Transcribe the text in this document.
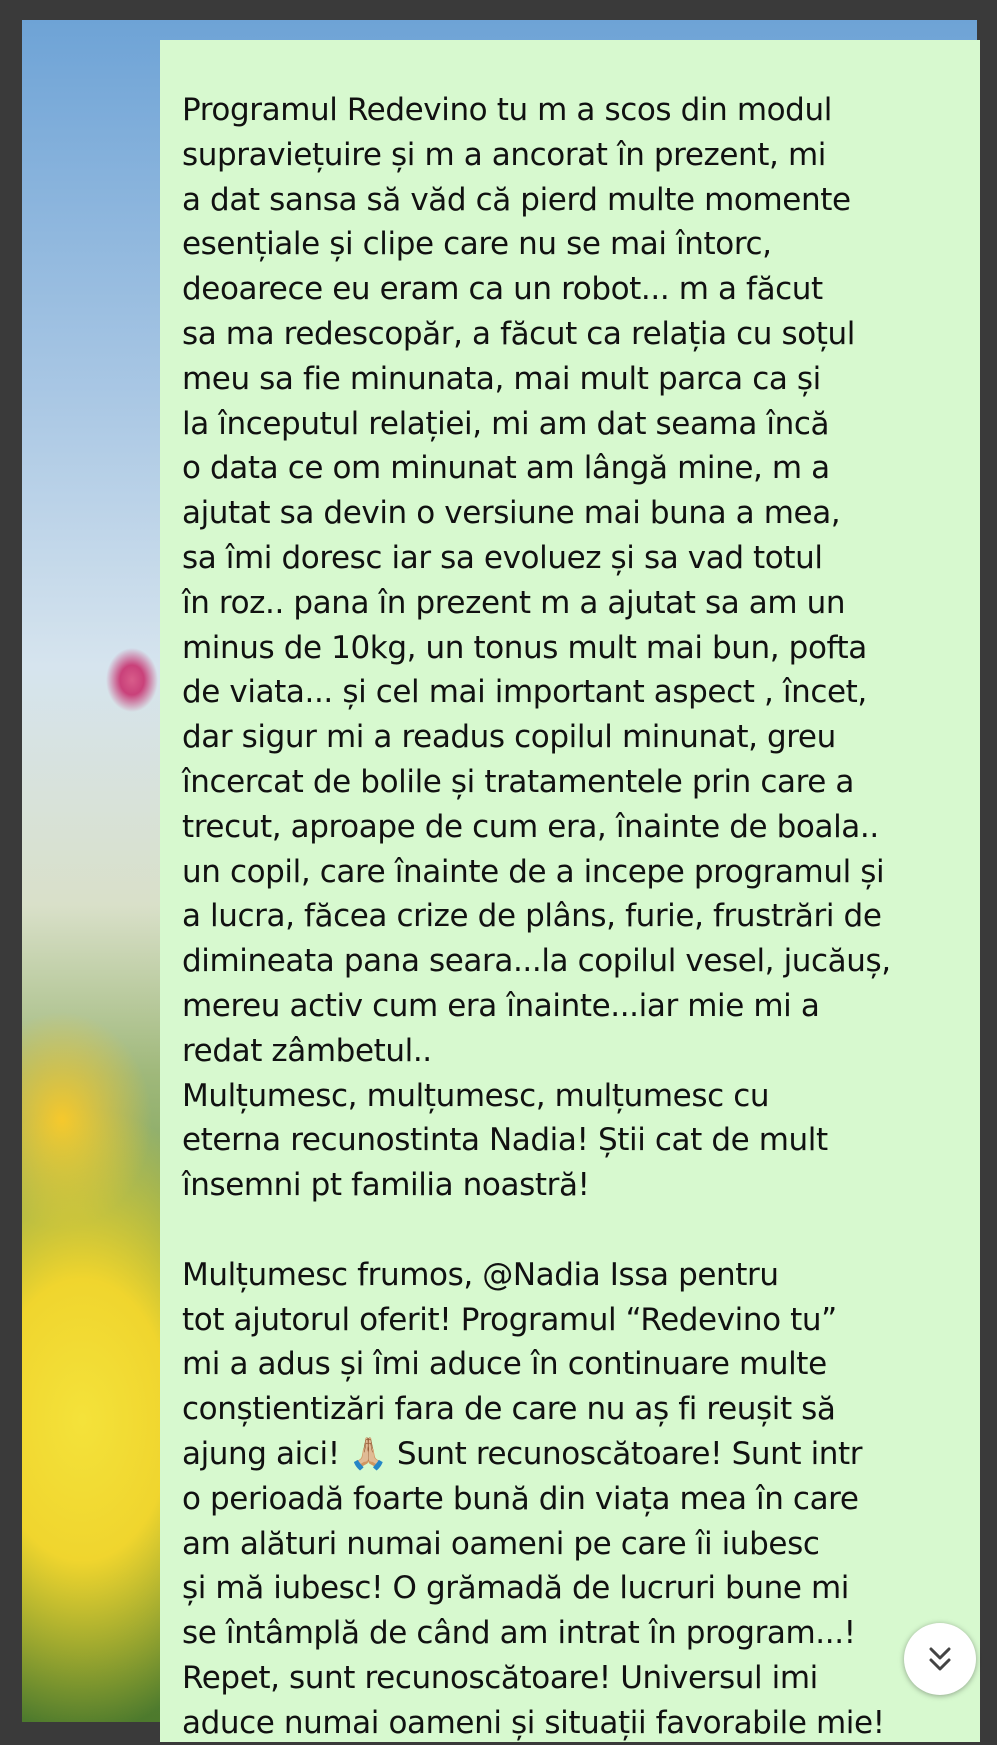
Programul Redevino tu m a scos din modul
supraviețuire și m a ancorat în prezent, mi
a dat sansa să văd că pierd multe momente
esențiale și clipe care nu se mai întorc,
deoarece eu eram ca un robot... m a făcut
sa ma redescopăr, a făcut ca relația cu soțul
meu sa fie minunata, mai mult parca ca și
la începutul relației, mi am dat seama încă
o data ce om minunat am lângă mine, m a
ajutat sa devin o versiune mai buna a mea,
sa îmi doresc iar sa evoluez și sa vad totul
în roz.. pana în prezent m a ajutat sa am un
minus de 10kg, un tonus mult mai bun, pofta
de viata... și cel mai important aspect , încet,
dar sigur mi a readus copilul minunat, greu
încercat de bolile și tratamentele prin care a
trecut, aproape de cum era, înainte de boala..
un copil, care înainte de a incepe programul și
a lucra, făcea crize de plâns, furie, frustrări de
dimineata pana seara...la copilul vesel, jucăuș,
mereu activ cum era înainte...iar mie mi a
redat zâmbetul..
Mulțumesc, mulțumesc, mulțumesc cu
eterna recunostinta Nadia! Știi cat de mult
însemni pt familia noastră!

Mulțumesc frumos, @Nadia Issa pentru
tot ajutorul oferit! Programul “Redevino tu”
mi a adus și îmi aduce în continuare multe
conștientizări fara de care nu aș fi reușit să
ajung aici! 🙏🏼 Sunt recunoscătoare! Sunt intr
o perioadă foarte bună din viața mea în care
am alături numai oameni pe care îi iubesc
și mă iubesc! O grămadă de lucruri bune mi
se întâmplă de când am intrat în program...!
Repet, sunt recunoscătoare! Universul imi
aduce numai oameni și situații favorabile mie!
